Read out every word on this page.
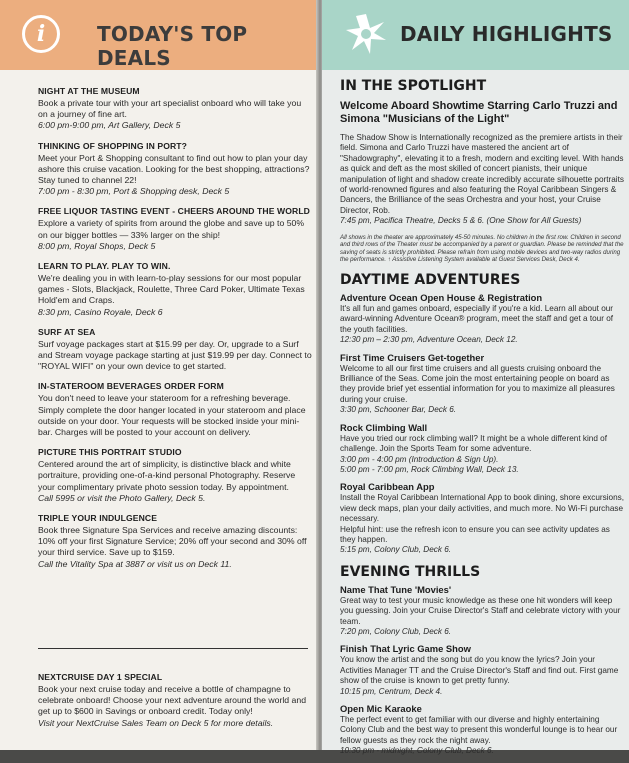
i	TODAY'S TOP DEALS
NIGHT AT THE MUSEUM

Book a private tour with your art specialist onboard who will take you on a journey of fine art.

6:00 pm-9:00 pm, Art Gallery, Deck 5

THINKING OF SHOPPING IN PORT?

Meet your Port & Shopping consultant to find out how to plan your day ashore this cruise vacation. Looking for the best shopping, attractions? Stay tuned to channel 22!

7:00 pm - 8:30 pm, Port & Shopping desk, Deck 5

FREE LIQUOR TASTING EVENT - CHEERS AROUND THE WORLD

Explore a variety of spirits from around the globe and save up to 50% on our bigger bottles — 33% larger on the ship!

8:00 pm, Royal Shops, Deck 5

LEARN TO PLAY. PLAY TO WIN.

We're dealing you in with learn-to-play sessions for our most popular games - Slots, Blackjack, Roulette, Three Card Poker, Ultimate Texas Hold'em and Craps.

8:30 pm, Casino Royale, Deck 6

SURF AT SEA

Surf voyage packages start at $15.99 per day. Or, upgrade to a Surf and Stream voyage package starting at just $19.99 per day. Connect to "ROYAL WIFI" on your own device to get started.

IN-STATEROOM BEVERAGES ORDER FORM

You don't need to leave your stateroom for a refreshing beverage. Simply complete the door hanger located in your stateroom and place outside on your door. Your requests will be stocked inside your mini-bar. Charges will be posted to your account on delivery.

PICTURE THIS PORTRAIT STUDIO

Centered around the art of simplicity, is distinctive black and white portraiture, providing one-of-a-kind personal Photography. Reserve your complimentary private photo session today. By appointment.

Call 5995 or visit the Photo Gallery, Deck 5.

TRIPLE YOUR INDULGENCE

Book three Signature Spa Services and receive amazing discounts: 10% off your first Signature Service; 20% off your second and 30% off your third service. Save up to $159.

Call the Vitality Spa at 3887 or visit us on Deck 11.

NEXTCRUISE DAY 1 SPECIAL

Book your next cruise today and receive a bottle of champagne to celebrate onboard! Choose your next adventure around the world and get up to $600 in Savings or onboard credit. Today only!

Visit your NextCruise Sales Team on Deck 5 for more details.

DAILY HIGHLIGHTS
IN THE SPOTLIGHT
Welcome Aboard Showtime Starring Carlo Truzzi and Simona "Musicians of the Light"

The Shadow Show is Internationally recognized as the premiere artists in their field. Simona and Carlo Truzzi have mastered the ancient art of "Shadowgraphy", elevating it to a fresh, modern and exciting level. With hands as quick and deft as the most skilled of concert pianists, their unique manipulation of light and shadow create incredibly accurate silhouette portraits of world-renowned figures and also featuring the Royal Caribbean Singers & Dancers, the Brilliance of the seas Orchestra and your host, your Cruise Director, Rob.

7:45 pm, Pacifica Theatre, Decks 5 & 6. (One Show for All Guests)

All shows in the theater are approximately 45-50 minutes. No children in the first row. Children in second and third rows of the Theater must be accompanied by a parent or guardian. Please be reminded that the saving of seats is strictly prohibited. Please refrain from using mobile devices and two-way radios during the performance. ↑ Assistive Listening System available at Guest Services Desk, Deck 4.

DAYTIME ADVENTURES
Adventure Ocean Open House & Registration

It's all fun and games onboard, especially if you're a kid. Learn all about our award-winning Adventure Ocean® program, meet the staff and get a tour of the youth facilities.

12:30 pm – 2:30 pm, Adventure Ocean, Deck 12.

First Time Cruisers Get-together

Welcome to all our first time cruisers and all guests cruising onboard the Brilliance of the Seas. Come join the most entertaining people on board as they provide brief yet essential information for you to maximize all pleasures during your cruise.

3:30 pm, Schooner Bar, Deck 6.

Rock Climbing Wall

Have you tried our rock climbing wall? It might be a whole different kind of challenge. Join the Sports Team for some adventure.

3:00 pm - 4:00 pm (Introduction & Sign Up).
5:00 pm - 7:00 pm, Rock Climbing Wall, Deck 13.

Royal Caribbean App

Install the Royal Caribbean International App to book dining, shore excursions, view deck maps, plan your daily activities, and much more. No Wi-Fi purchase necessary.
Helpful hint: use the refresh icon to ensure you can see activity updates as they happen.

5:15 pm, Colony Club, Deck 6.

EVENING THRILLS
Name That Tune 'Movies'

Great way to test your music knowledge as these one hit wonders will keep you guessing. Join your Cruise Director's Staff and celebrate victory with your team.

7:20 pm, Colony Club, Deck 6.

Finish That Lyric Game Show

You know the artist and the song but do you know the lyrics? Join your Activities Manager TT and the Cruise Director's Staff and find out. First game show of the cruise is known to get pretty funny.

10:15 pm, Centrum, Deck 4.

Open Mic Karaoke

The perfect event to get familiar with our diverse and highly entertaining Colony Club and the best way to present this wonderful lounge is to hear our fellow guests as they rock the night away.

10:30 pm - midnight, Colony Club, Deck 6.
